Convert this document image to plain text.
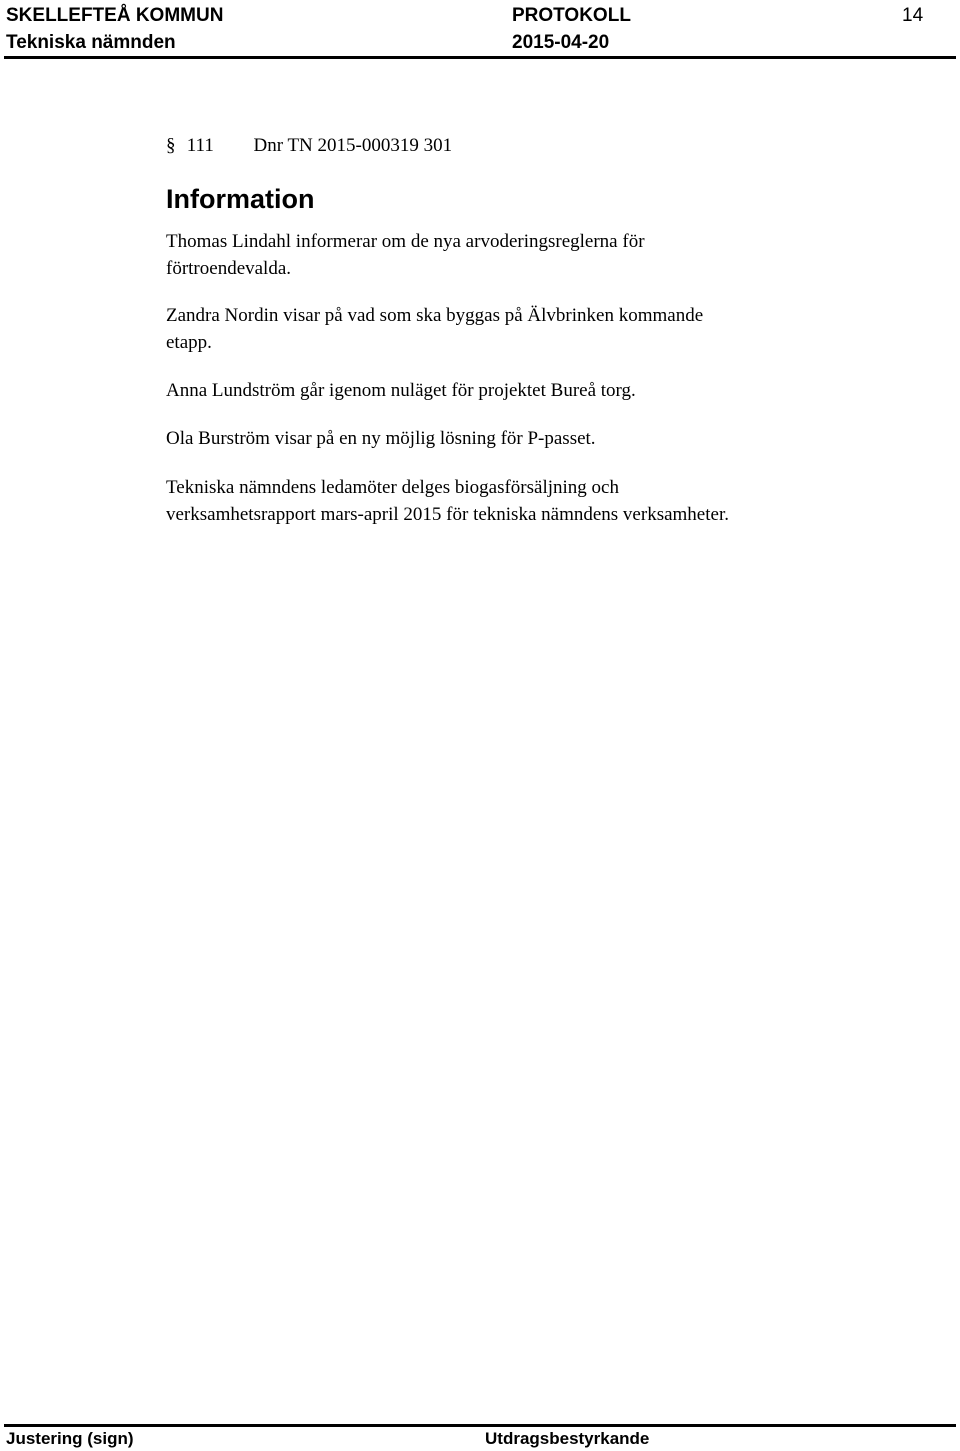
SKELLEFTEÅ KOMMUN	PROTOKOLL	14
Tekniska nämnden	2015-04-20
§ 111 Dnr TN 2015-000319 301
Information

Thomas Lindahl informerar om de nya arvoderingsreglerna för
förtroendevalda.

Zandra Nordin visar på vad som ska byggas på Älvbrinken kommande
etapp.

Anna Lundström går igenom nuläget för projektet Bureå torg.

Ola Burström visar på en ny möjlig lösning för P-passet.

Tekniska nämndens ledamöter delges biogasförsäljning och
verksamhetsrapport mars-april 2015 för tekniska nämndens verksamheter.

Justering (sign)	Utdragsbestyrkande
